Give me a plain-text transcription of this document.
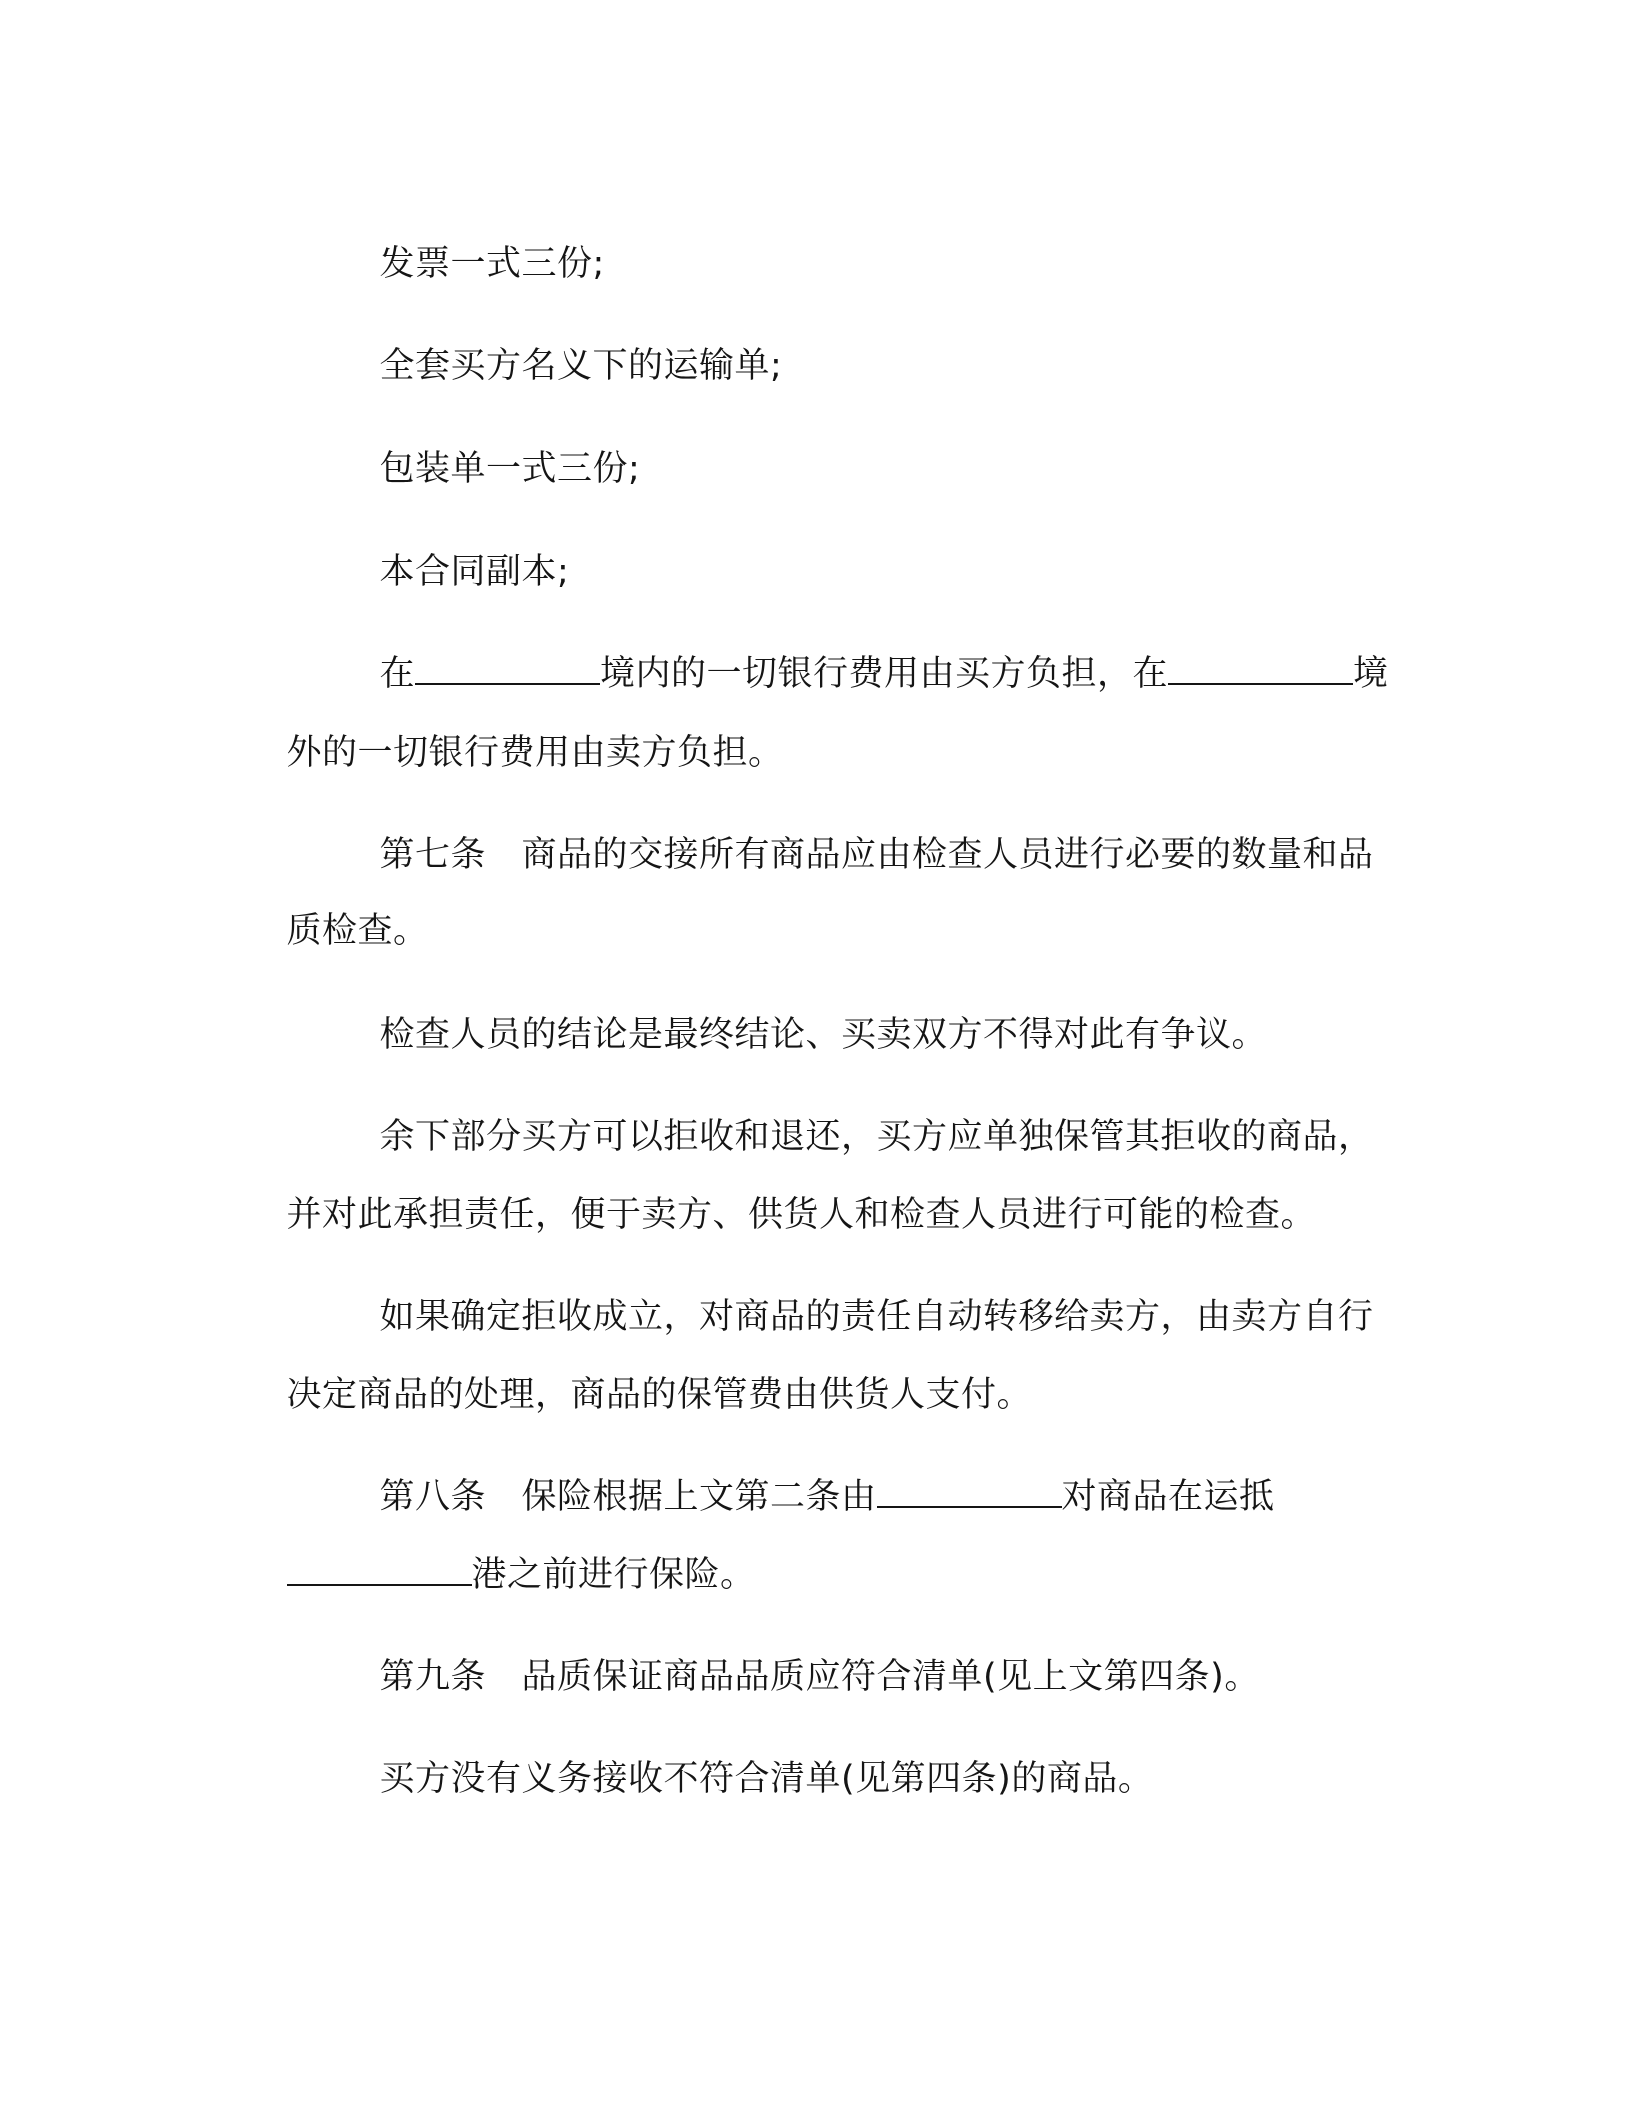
发票一式三份;

全套买方名义下的运输单;

包装单一式三份;

本合同副本;

在	境内的一切银行费用由买方负担，在	境

外的一切银行费用由卖方负担。

第七条　商品的交接所有商品应由检查人员进行必要的数量和品

质检查。

检查人员的结论是最终结论、买卖双方不得对此有争议。

余下部分买方可以拒收和退还，买方应单独保管其拒收的商品，

并对此承担责任，便于卖方、供货人和检查人员进行可能的检查。

如果确定拒收成立，对商品的责任自动转移给卖方，由卖方自行

决定商品的处理，商品的保管费由供货人支付。

第八条　保险根据上文第二条由	对商品在运抵

港之前进行保险。

第九条　品质保证商品品质应符合清单(见上文第四条)。

买方没有义务接收不符合清单(见第四条)的商品。
